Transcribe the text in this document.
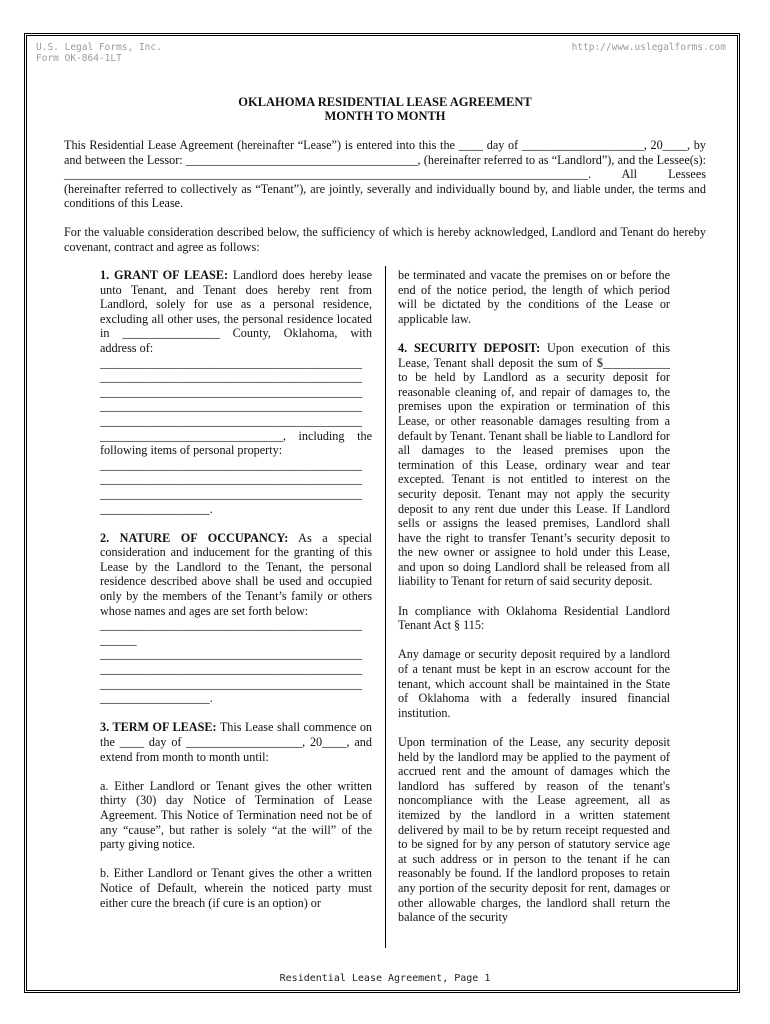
U.S. Legal Forms, Inc.
Form OK-864-1LT
http://www.uslegalforms.com
OKLAHOMA RESIDENTIAL LEASE AGREEMENT
MONTH TO MONTH

This Residential Lease Agreement (hereinafter “Lease”) is entered into this the ____ day of ____________________, 20____, by and between the Lessor: ______________________________________, (hereinafter referred to as “Landlord”), and the Lessee(s): ______________________________________________________________________________________. All Lessees (hereinafter referred to collectively as “Tenant”), are jointly, severally and individually bound by, and liable under, the terms and conditions of this Lease.

For the valuable consideration described below, the sufficiency of which is hereby acknowledged, Landlord and Tenant do hereby covenant, contract and agree as follows:

1. GRANT OF LEASE: Landlord does hereby lease unto Tenant, and Tenant does hereby rent from Landlord, solely for use as a personal residence, excluding all other uses, the personal residence located in ________________ County, Oklahoma, with address of:

___________________________________________
___________________________________________
___________________________________________
___________________________________________
___________________________________________

______________________________, including the following items of personal property:

___________________________________________
___________________________________________
___________________________________________

__________________.

2. NATURE OF OCCUPANCY: As a special consideration and inducement for the granting of this Lease by the Landlord to the Tenant, the personal residence described above shall be used and occupied only by the members of the Tenant’s family or others whose names and ages are set forth below:

___________________________________________
______
___________________________________________
___________________________________________
___________________________________________

__________________.

3. TERM OF LEASE: This Lease shall commence on the ____ day of ___________________, 20____, and extend from month to month until:

a. Either Landlord or Tenant gives the other written thirty (30) day Notice of Termination of Lease Agreement. This Notice of Termination need not be of any “cause”, but rather is solely “at the will” of the party giving notice.

b. Either Landlord or Tenant gives the other a written Notice of Default, wherein the noticed party must either cure the breach (if cure is an option) or

be terminated and vacate the premises on or before the end of the notice period, the length of which period will be dictated by the conditions of the Lease or applicable law.

4. SECURITY DEPOSIT: Upon execution of this Lease, Tenant shall deposit the sum of $___________ to be held by Landlord as a security deposit for reasonable cleaning of, and repair of damages to, the premises upon the expiration or termination of this Lease, or other reasonable damages resulting from a default by Tenant. Tenant shall be liable to Landlord for all damages to the leased premises upon the termination of this Lease, ordinary wear and tear excepted. Tenant is not entitled to interest on the security deposit. Tenant may not apply the security deposit to any rent due under this Lease. If Landlord sells or assigns the leased premises, Landlord shall have the right to transfer Tenant’s security deposit to the new owner or assignee to hold under this Lease, and upon so doing Landlord shall be released from all liability to Tenant for return of said security deposit.

In compliance with Oklahoma Residential Landlord Tenant Act § 115:

Any damage or security deposit required by a landlord of a tenant must be kept in an escrow account for the tenant, which account shall be maintained in the State of Oklahoma with a federally insured financial institution.

Upon termination of the Lease, any security deposit held by the landlord may be applied to the payment of accrued rent and the amount of damages which the landlord has suffered by reason of the tenant's noncompliance with the Lease agreement, all as itemized by the landlord in a written statement delivered by mail to be by return receipt requested and to be signed for by any person of statutory service age at such address or in person to the tenant if he can reasonably be found. If the landlord proposes to retain any portion of the security deposit for rent, damages or other allowable charges, the landlord shall return the balance of the security

Residential Lease Agreement, Page 1
